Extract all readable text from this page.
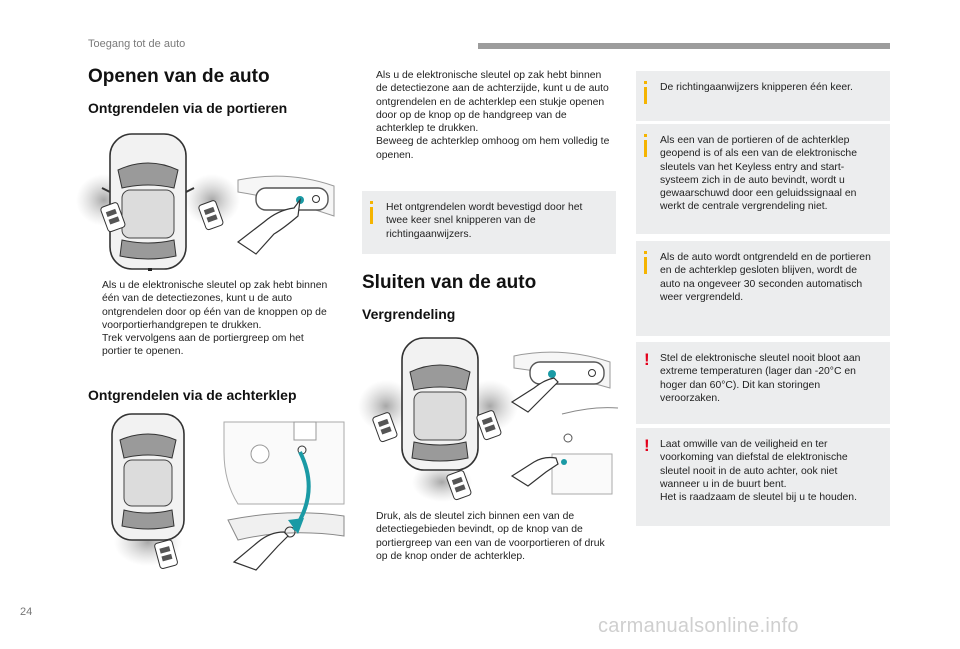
Toegang tot de auto
Openen van de auto
Ontgrendelen via de portieren

Als u de elektronische sleutel op zak hebt binnen één van de detectiezones, kunt u de auto ontgrendelen door op één van de knoppen op de voorportierhandgrepen te drukken.

Trek vervolgens aan de portiergreep om het portier te openen.

Ontgrendelen via de achterklep

Als u de elektronische sleutel op zak hebt binnen de detectiezone aan de achterzijde, kunt u de auto ontgrendelen en de achterklep een stukje openen door op de knop op de handgreep van de achterklep te drukken.

Beweeg de achterklep omhoog om hem volledig te openen.

Het ontgrendelen wordt bevestigd door het twee keer snel knipperen van de richtingaanwijzers.
Sluiten van de auto
Vergrendeling

Druk, als de sleutel zich binnen een van de detectiegebieden bevindt, op de knop van de portiergreep van een van de voorportieren of druk op de knop onder de achterklep.

De richtingaanwijzers knipperen één keer.
Als een van de portieren of de achterklep geopend is of als een van de elektronische sleutels van het Keyless entry and start-systeem zich in de auto bevindt, wordt u gewaarschuwd door een geluidssignaal en werkt de centrale vergrendeling niet.
Als de auto wordt ontgrendeld en de portieren en de achterklep gesloten blijven, wordt de auto na ongeveer 30 seconden automatisch weer vergrendeld.
! Stel de elektronische sleutel nooit bloot aan extreme temperaturen (lager dan -20°C en hoger dan 60°C). Dit kan storingen veroorzaken.
! Laat omwille van de veiligheid en ter voorkoming van diefstal de elektronische sleutel nooit in de auto achter, ook niet wanneer u in de buurt bent.
Het is raadzaam de sleutel bij u te houden.
24
carmanualsonline.info
